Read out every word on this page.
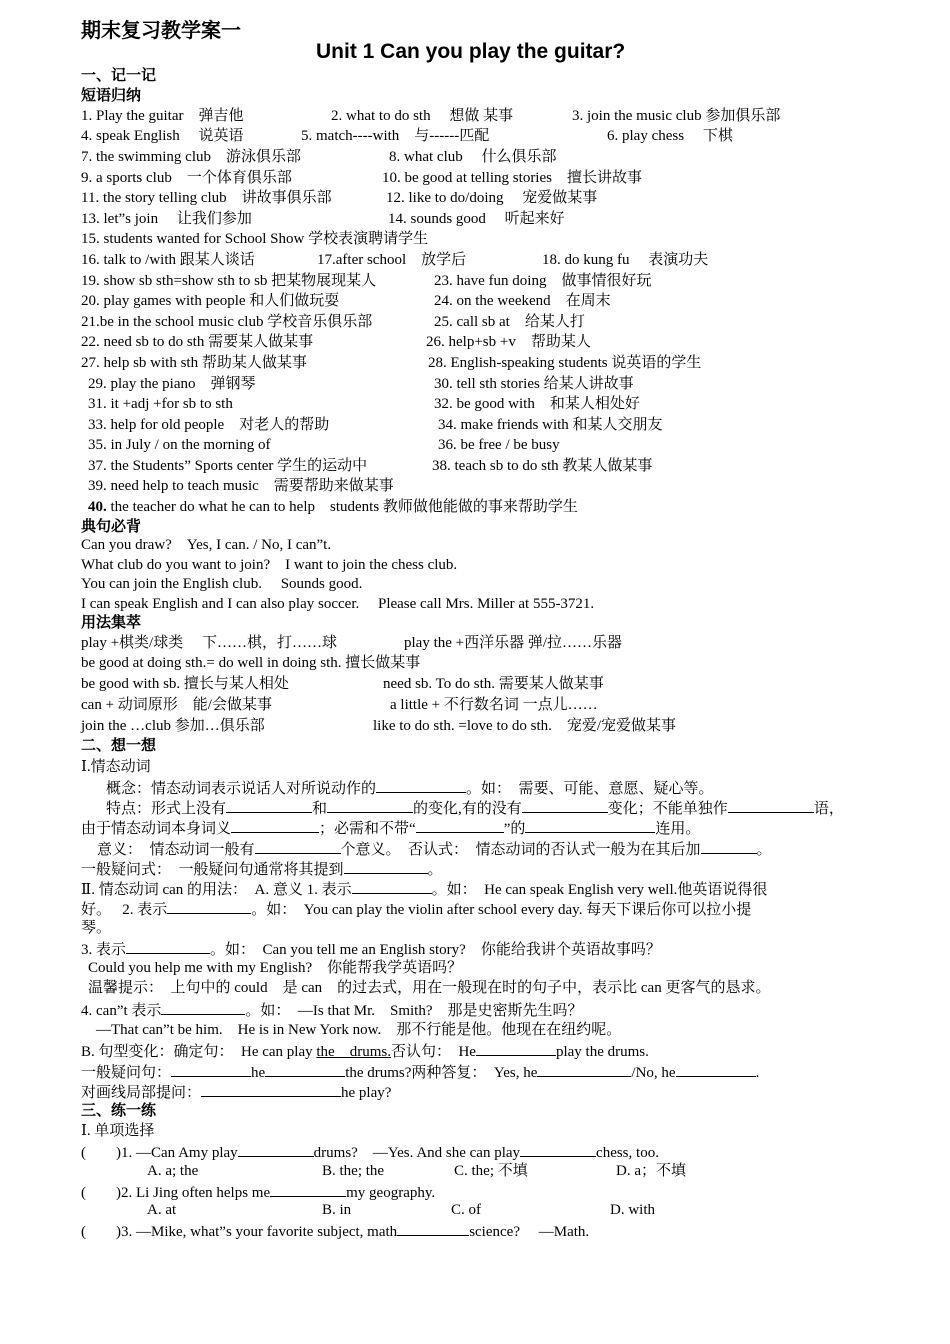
期末复习教学案一
Unit 1 Can you play the guitar?
一、记一记
短语归纳
1. Play the guitar　弹吉他	2. what to do sth　 想做 某事	3. join the music club 参加俱乐部
4. speak English　 说英语	5. match----with　与------匹配	6. play chess　 下棋
7. the swimming club　游泳俱乐部	8. what club　 什么俱乐部
9. a sports club　一个体育俱乐部	10. be good at telling stories　擅长讲故事
11. the story telling club　讲故事俱乐部	12. like to do/doing　 宠爱做某事
13. let”s join　 让我们参加	14. sounds good　 听起来好
15. students wanted for School Show 学校表演聘请学生
16. talk to /with 跟某人谈话	17.after school　放学后	18. do kung fu　 表演功夫
19. show sb sth=show sth to sb 把某物展现某人	23. have fun doing　做事情很好玩
20. play games with people 和人们做玩耍	24. on the weekend　在周末
21.be in the school music club 学校音乐俱乐部	25. call sb at　给某人打
22. need sb to do sth 需要某人做某事	26. help+sb +v　帮助某人
27. help sb with sth 帮助某人做某事	28. English-speaking students 说英语的学生
29. play the piano　弹钢琴	30. tell sth stories 给某人讲故事
31. it +adj +for sb to sth	32. be good with　和某人相处好
33. help for old people　对老人的帮助	34. make friends with 和某人交朋友
35. in July / on the morning of	36. be free / be busy
37. the Students” Sports center 学生的运动中	38. teach sb to do sth 教某人做某事
39. need help to teach music　需要帮助来做某事
40. the teacher do what he can to help　students 教师做他能做的事来帮助学生
典句必背
Can you draw?　Yes, I can. / No, I can”t.
What club do you want to join?　I want to join the chess club.
You can join the English club.　 Sounds good.
I can speak English and I can also play soccer.　 Please call Mrs. Miller at 555-3721.
用法集萃
play +棋类/球类　 下……棋，打……球	play the +西洋乐器 弹/拉……乐器
be good at doing sth.= do well in doing sth. 擅长做某事
be good with sb. 擅长与某人相处	need sb. To do sth. 需要某人做某事
can + 动词原形　能/会做某事	a little + 不行数名词 一点儿……
join the …club 参加…俱乐部	like to do sth. =love to do sth.　宠爱/宠爱做某事
二、想一想
Ⅰ.情态动词
概念：情态动词表示说话人对所说动作的	。如：　需要、可能、意愿、疑心等。
特点：形式上没有	和	的变化,有的没有	变化；不能单独作	语，
由于情态动词本身词义	；必需和不带“	”的	连用。
意义：　情态动词一般有	个意义。　否认式：　情态动词的否认式一般为在其后加	。
一般疑问式：　一般疑问句通常将其提到	。
Ⅱ. 情态动词 can 的用法：　A. 意义 1. 表示	。如：　He can speak English very well.他英语说得很
好。　 2. 表示	。如：　You can play the violin after school every day. 每天下课后你可以拉小提
琴。
3. 表示	。如：　Can you tell me an English story?　你能给我讲个英语故事吗？
Could you help me with my English?　你能帮我学英语吗？
温馨提示：　上句中的 could　是 can　的过去式，用在一般现在时的句子中，表示比 can 更客气的恳求。
4. can”t 表示	。如：　—Is that Mr.　Smith?　那是史密斯先生吗？
—That can”t be him.　He is in New York now.　那不行能是他。他现在在纽约呢。
B. 句型变化：确定句：　He can play the　drums.否认句：　He	play the drums.
一般疑问句：	he	the drums?两种答复：　Yes, he	/No, he	.
对画线局部提问：	he play?
三、练一练
Ⅰ. 单项选择
(　　)1. —Can Amy play	drums?　—Yes. And she can play	chess, too.
A. a; the	B. the; the	C. the; 不填	D. a；不填
(　　)2. Li Jing often helps me	my geography.
A. at	B. in	C. of	D. with
(　　)3. —Mike, what”s your favorite subject, math	science?　 —Math.
